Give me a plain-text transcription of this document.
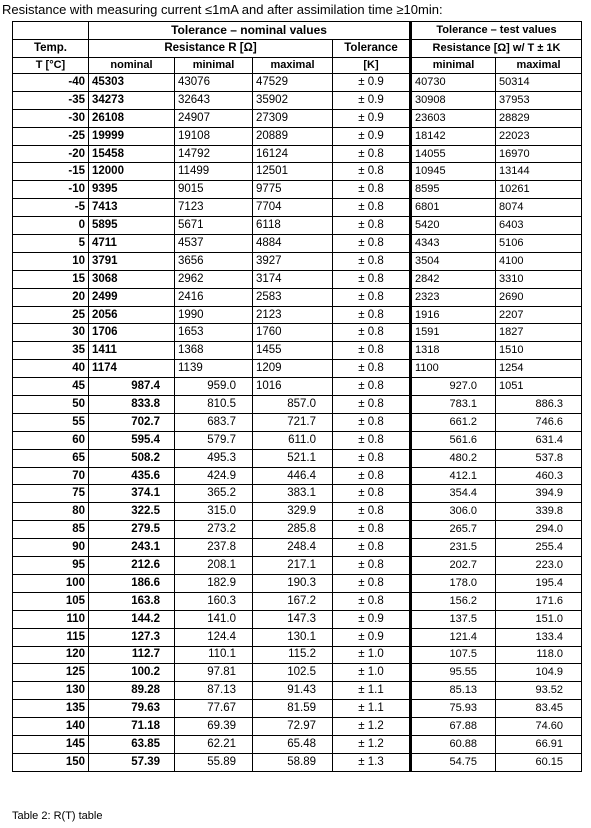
Resistance with measuring current ≤1mA and after assimilation time ≥10min:
	Tolerance – nominal values				Tolerance – test values	
Temp.	Resistance R [Ω]			Tolerance	Resistance [Ω] w/ T ± 1K	
T [°C]	nominal	minimal	maximal	[K]	minimal	maximal
-40	45303	43076	47529	± 0.9	40730	50314
-35	34273	32643	35902	± 0.9	30908	37953
-30	26108	24907	27309	± 0.9	23603	28829
-25	19999	19108	20889	± 0.9	18142	22023
-20	15458	14792	16124	± 0.8	14055	16970
-15	12000	11499	12501	± 0.8	10945	13144
-10	9395	9015	9775	± 0.8	8595	10261
-5	7413	7123	7704	± 0.8	6801	8074
0	5895	5671	6118	± 0.8	5420	6403
5	4711	4537	4884	± 0.8	4343	5106
10	3791	3656	3927	± 0.8	3504	4100
15	3068	2962	3174	± 0.8	2842	3310
20	2499	2416	2583	± 0.8	2323	2690
25	2056	1990	2123	± 0.8	1916	2207
30	1706	1653	1760	± 0.8	1591	1827
35	1411	1368	1455	± 0.8	1318	1510
40	1174	1139	1209	± 0.8	1100	1254
45	987.4	959.0	1016	± 0.8	927.0	1051
50	833.8	810.5	857.0	± 0.8	783.1	886.3
55	702.7	683.7	721.7	± 0.8	661.2	746.6
60	595.4	579.7	611.0	± 0.8	561.6	631.4
65	508.2	495.3	521.1	± 0.8	480.2	537.8
70	435.6	424.9	446.4	± 0.8	412.1	460.3
75	374.1	365.2	383.1	± 0.8	354.4	394.9
80	322.5	315.0	329.9	± 0.8	306.0	339.8
85	279.5	273.2	285.8	± 0.8	265.7	294.0
90	243.1	237.8	248.4	± 0.8	231.5	255.4
95	212.6	208.1	217.1	± 0.8	202.7	223.0
100	186.6	182.9	190.3	± 0.8	178.0	195.4
105	163.8	160.3	167.2	± 0.8	156.2	171.6
110	144.2	141.0	147.3	± 0.9	137.5	151.0
115	127.3	124.4	130.1	± 0.9	121.4	133.4
120	112.7	110.1	115.2	± 1.0	107.5	118.0
125	100.2	97.81	102.5	± 1.0	95.55	104.9
130	89.28	87.13	91.43	± 1.1	85.13	93.52
135	79.63	77.67	81.59	± 1.1	75.93	83.45
140	71.18	69.39	72.97	± 1.2	67.88	74.60
145	63.85	62.21	65.48	± 1.2	60.88	66.91
150	57.39	55.89	58.89	± 1.3	54.75	60.15
Table 2: R(T) table
